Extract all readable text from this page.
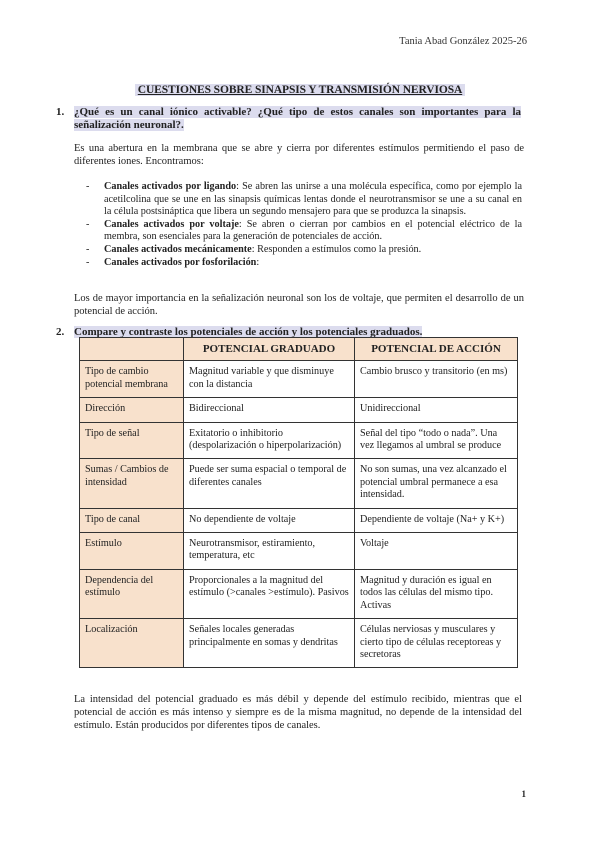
Tania Abad González 2025-26
CUESTIONES SOBRE SINAPSIS Y TRANSMISIÓN NERVIOSA
1. ¿Qué es un canal iónico activable? ¿Qué tipo de estos canales son importantes para la señalización neuronal?.
Es una abertura en la membrana que se abre y cierra por diferentes estímulos permitiendo el paso de diferentes iones. Encontramos:
- Canales activados por ligando: Se abren las unirse a una molécula específica, como por ejemplo la acetilcolina que se une en las sinapsis químicas lentas donde el neurotransmisor se une a su canal en la célula postsináptica que libera un segundo mensajero para que se produzca la sinapsis.
- Canales activados por voltaje: Se abren o cierran por cambios en el potencial eléctrico de la membra, son esenciales para la generación de potenciales de acción.
- Canales activados mecánicamente: Responden a estímulos como la presión.
- Canales activados por fosforilación:
Los de mayor importancia en la señalización neuronal son los de voltaje, que permiten el desarrollo de un potencial de acción.
2. Compare y contraste los potenciales de acción y los potenciales graduados.
	POTENCIAL GRADUADO	POTENCIAL DE ACCIÓN
Tipo de cambio potencial membrana	Magnitud variable y que disminuye con la distancia	Cambio brusco y transitorio (en ms)
Dirección	Bidireccional	Unidireccional
Tipo de señal	Exitatorio o inhibitorio (despolarización o hiperpolarización)	Señal del tipo “todo o nada”. Una vez llegamos al umbral se produce
Sumas / Cambios de intensidad	Puede ser suma espacial o temporal de diferentes canales	No son sumas, una vez alcanzado el potencial umbral permanece a esa intensidad.
Tipo de canal	No dependiente de voltaje	Dependiente de voltaje (Na+ y K+)
Estímulo	Neurotransmisor, estiramiento, temperatura, etc	Voltaje
Dependencia del estímulo	Proporcionales a la magnitud del estímulo (>canales >estímulo). Pasivos	Magnitud y duración es igual en todos las células del mismo tipo. Activas
Localización	Señales locales generadas principalmente en somas y dendritas	Células nerviosas y musculares y cierto tipo de células receptoreas y secretoras
La intensidad del potencial graduado es más débil y depende del estímulo recibido, mientras que el potencial de acción es más intenso y siempre es de la misma magnitud, no depende de la intensidad del estímulo. Están producidos por diferentes tipos de canales.
1
